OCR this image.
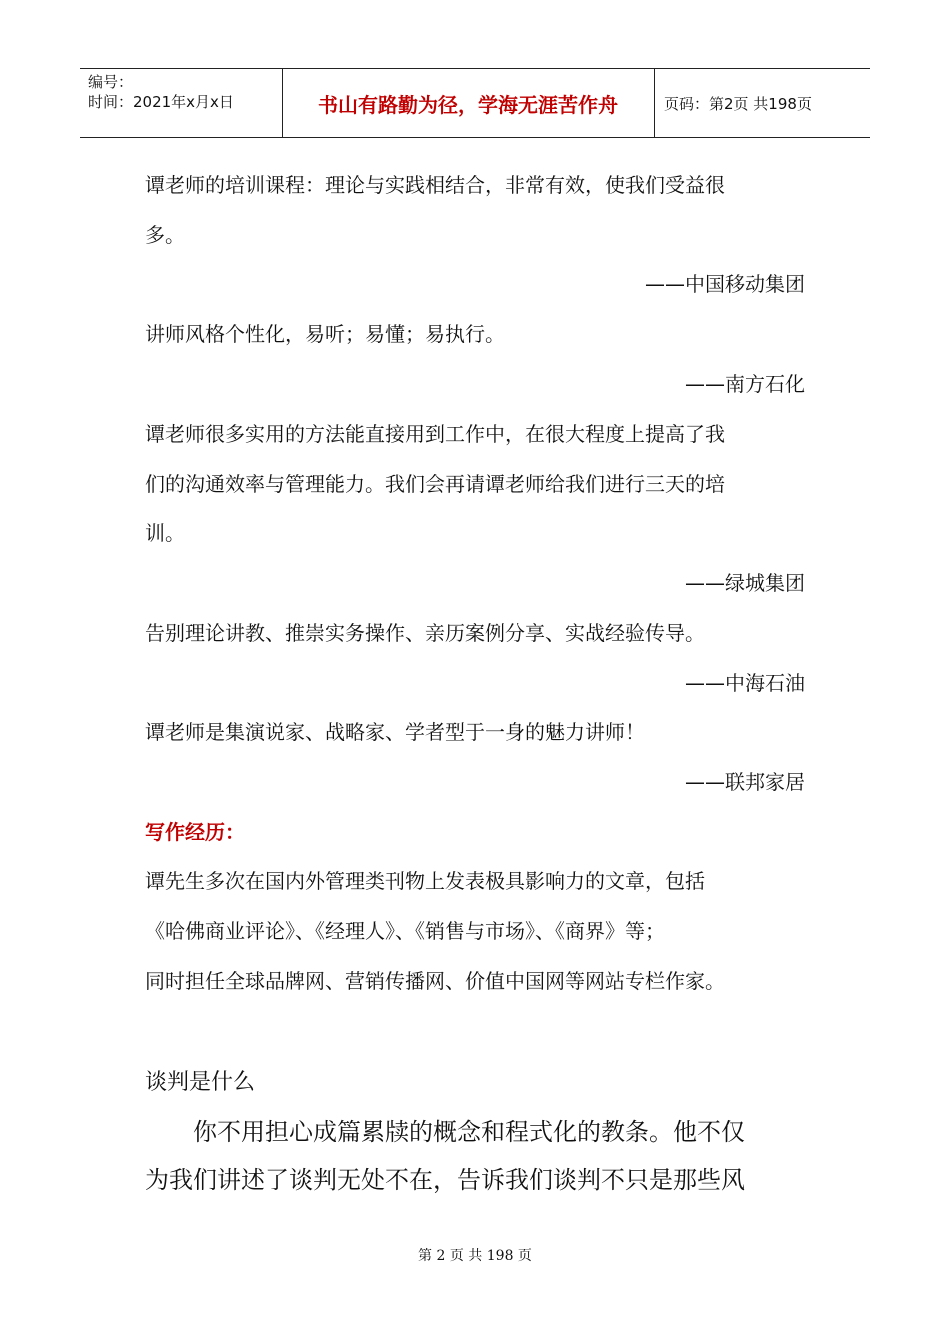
编号：
时间：2021年x月x日	书山有路勤为径，学海无涯苦作舟	页码：第2页 共198页
谭老师的培训课程：理论与实践相结合，非常有效，使我们受益很
多。
——中国移动集团
讲师风格个性化，易听；易懂；易执行。
——南方石化
谭老师很多实用的方法能直接用到工作中，在很大程度上提高了我
们的沟通效率与管理能力。我们会再请谭老师给我们进行三天的培
训。
——绿城集团
告别理论讲教、推崇实务操作、亲历案例分享、实战经验传导。
——中海石油
谭老师是集演说家、战略家、学者型于一身的魅力讲师！
——联邦家居
写作经历：
谭先生多次在国内外管理类刊物上发表极具影响力的文章，包括
《哈佛商业评论》、《经理人》、《销售与市场》、《商界》等；
同时担任全球品牌网、营销传播网、价值中国网等网站专栏作家。
谈判是什么
　　你不用担心成篇累牍的概念和程式化的教条。他不仅
为我们讲述了谈判无处不在，告诉我们谈判不只是那些风
第 2 页 共 198 页
